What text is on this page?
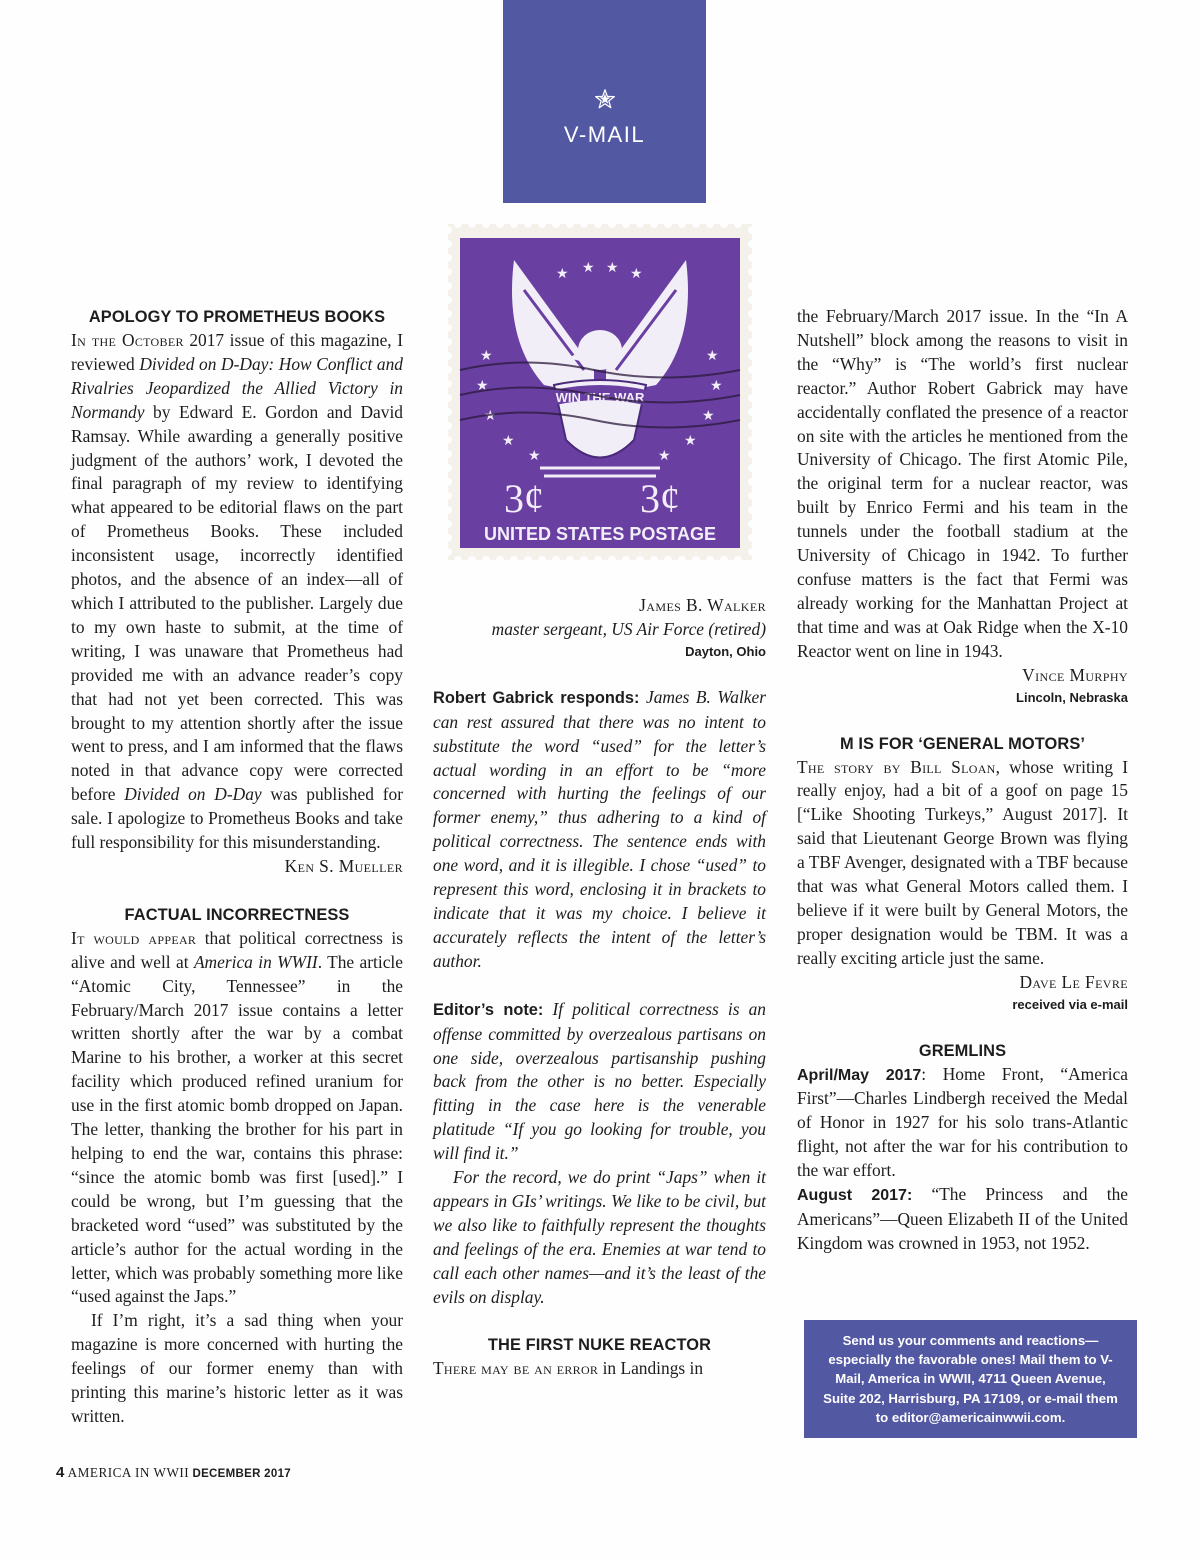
V-MAIL
WIN THE WAR
★ ★ ★ ★
★
★
★
★
★
★
★
★
★
★
3¢ 3¢
UNITED STATES POSTAGE
APOLOGY TO PROMETHEUS BOOKS

In the October 2017 issue of this magazine, I reviewed Divided on D-Day: How Conflict and Rivalries Jeopardized the Allied Victory in Normandy by Edward E. Gordon and David Ramsay. While awarding a generally positive judgment of the authors’ work, I devoted the final paragraph of my review to identifying what appeared to be editorial flaws on the part of Prometheus Books. These included inconsistent usage, incorrectly identified photos, and the absence of an index—all of which I attributed to the publisher. Largely due to my own haste to submit, at the time of writing, I was unaware that Prometheus had provided me with an advance reader’s copy that had not yet been corrected. This was brought to my attention shortly after the issue went to press, and I am informed that the flaws noted in that advance copy were corrected before Divided on D-Day was published for sale. I apologize to Prometheus Books and take full responsibility for this misunderstanding.

Ken S. Mueller

FACTUAL INCORRECTNESS

It would appear that political correctness is alive and well at America in WWII. The article “Atomic City, Tennessee” in the February/March 2017 issue contains a letter written shortly after the war by a combat Marine to his brother, a worker at this secret facility which produced refined uranium for use in the first atomic bomb dropped on Japan. The letter, thanking the brother for his part in helping to end the war, contains this phrase: “since the atomic bomb was first [used].” I could be wrong, but I’m guessing that the bracketed word “used” was substituted by the article’s author for the actual wording in the letter, which was probably something more like “used against the Japs.”

If I’m right, it’s a sad thing when your magazine is more concerned with hurting the feelings of our former enemy than with printing this marine’s historic letter as it was written.

James B. Walker

master sergeant, US Air Force (retired)

Dayton, Ohio

Robert Gabrick responds: James B. Walker can rest assured that there was no intent to substitute the word “used” for the letter’s actual wording in an effort to be “more concerned with hurting the feelings of our former enemy,” thus adhering to a kind of political correctness. The sentence ends with one word, and it is illegible. I chose “used” to represent this word, enclosing it in brackets to indicate that it was my choice. I believe it accurately reflects the intent of the letter’s author.

Editor’s note: If political correctness is an offense committed by overzealous partisans on one side, overzealous partisanship pushing back from the other is no better. Especially fitting in the case here is the venerable platitude “If you go looking for trouble, you will find it.”

For the record, we do print “Japs” when it appears in GIs’ writings. We like to be civil, but we also like to faithfully represent the thoughts and feelings of the era. Enemies at war tend to call each other names—and it’s the least of the evils on display.

THE FIRST NUKE REACTOR

There may be an error in Landings in

the February/March 2017 issue. In the “In A Nutshell” block among the reasons to visit in the “Why” is “The world’s first nuclear reactor.” Author Robert Gabrick may have accidentally conflated the presence of a reactor on site with the articles he mentioned from the University of Chicago. The first Atomic Pile, the original term for a nuclear reactor, was built by Enrico Fermi and his team in the tunnels under the football stadium at the University of Chicago in 1942. To further confuse matters is the fact that Fermi was already working for the Manhattan Project at that time and was at Oak Ridge when the X-10 Reactor went on line in 1943.

Vince Murphy

Lincoln, Nebraska

M IS FOR ‘GENERAL MOTORS’

The story by Bill Sloan, whose writing I really enjoy, had a bit of a goof on page 15 [“Like Shooting Turkeys,” August 2017]. It said that Lieutenant George Brown was flying a TBF Avenger, designated with a TBF because that was what General Motors called them. I believe if it were built by General Motors, the proper designation would be TBM. It was a really exciting article just the same.

Dave Le Fevre

received via e-mail

GREMLINS

April/May 2017: Home Front, “America First”—Charles Lindbergh received the Medal of Honor in 1927 for his solo trans-Atlantic flight, not after the war for his contribution to the war effort.

August 2017: “The Princess and the Americans”—Queen Elizabeth II of the United Kingdom was crowned in 1953, not 1952.

Send us your comments and reactions—especially the favorable ones! Mail them to V-Mail, America in WWII, 4711 Queen Avenue, Suite 202, Harrisburg, PA 17109, or e-mail them to editor@americainwwii.com.
4 AMERICA IN WWII DECEMBER 2017
